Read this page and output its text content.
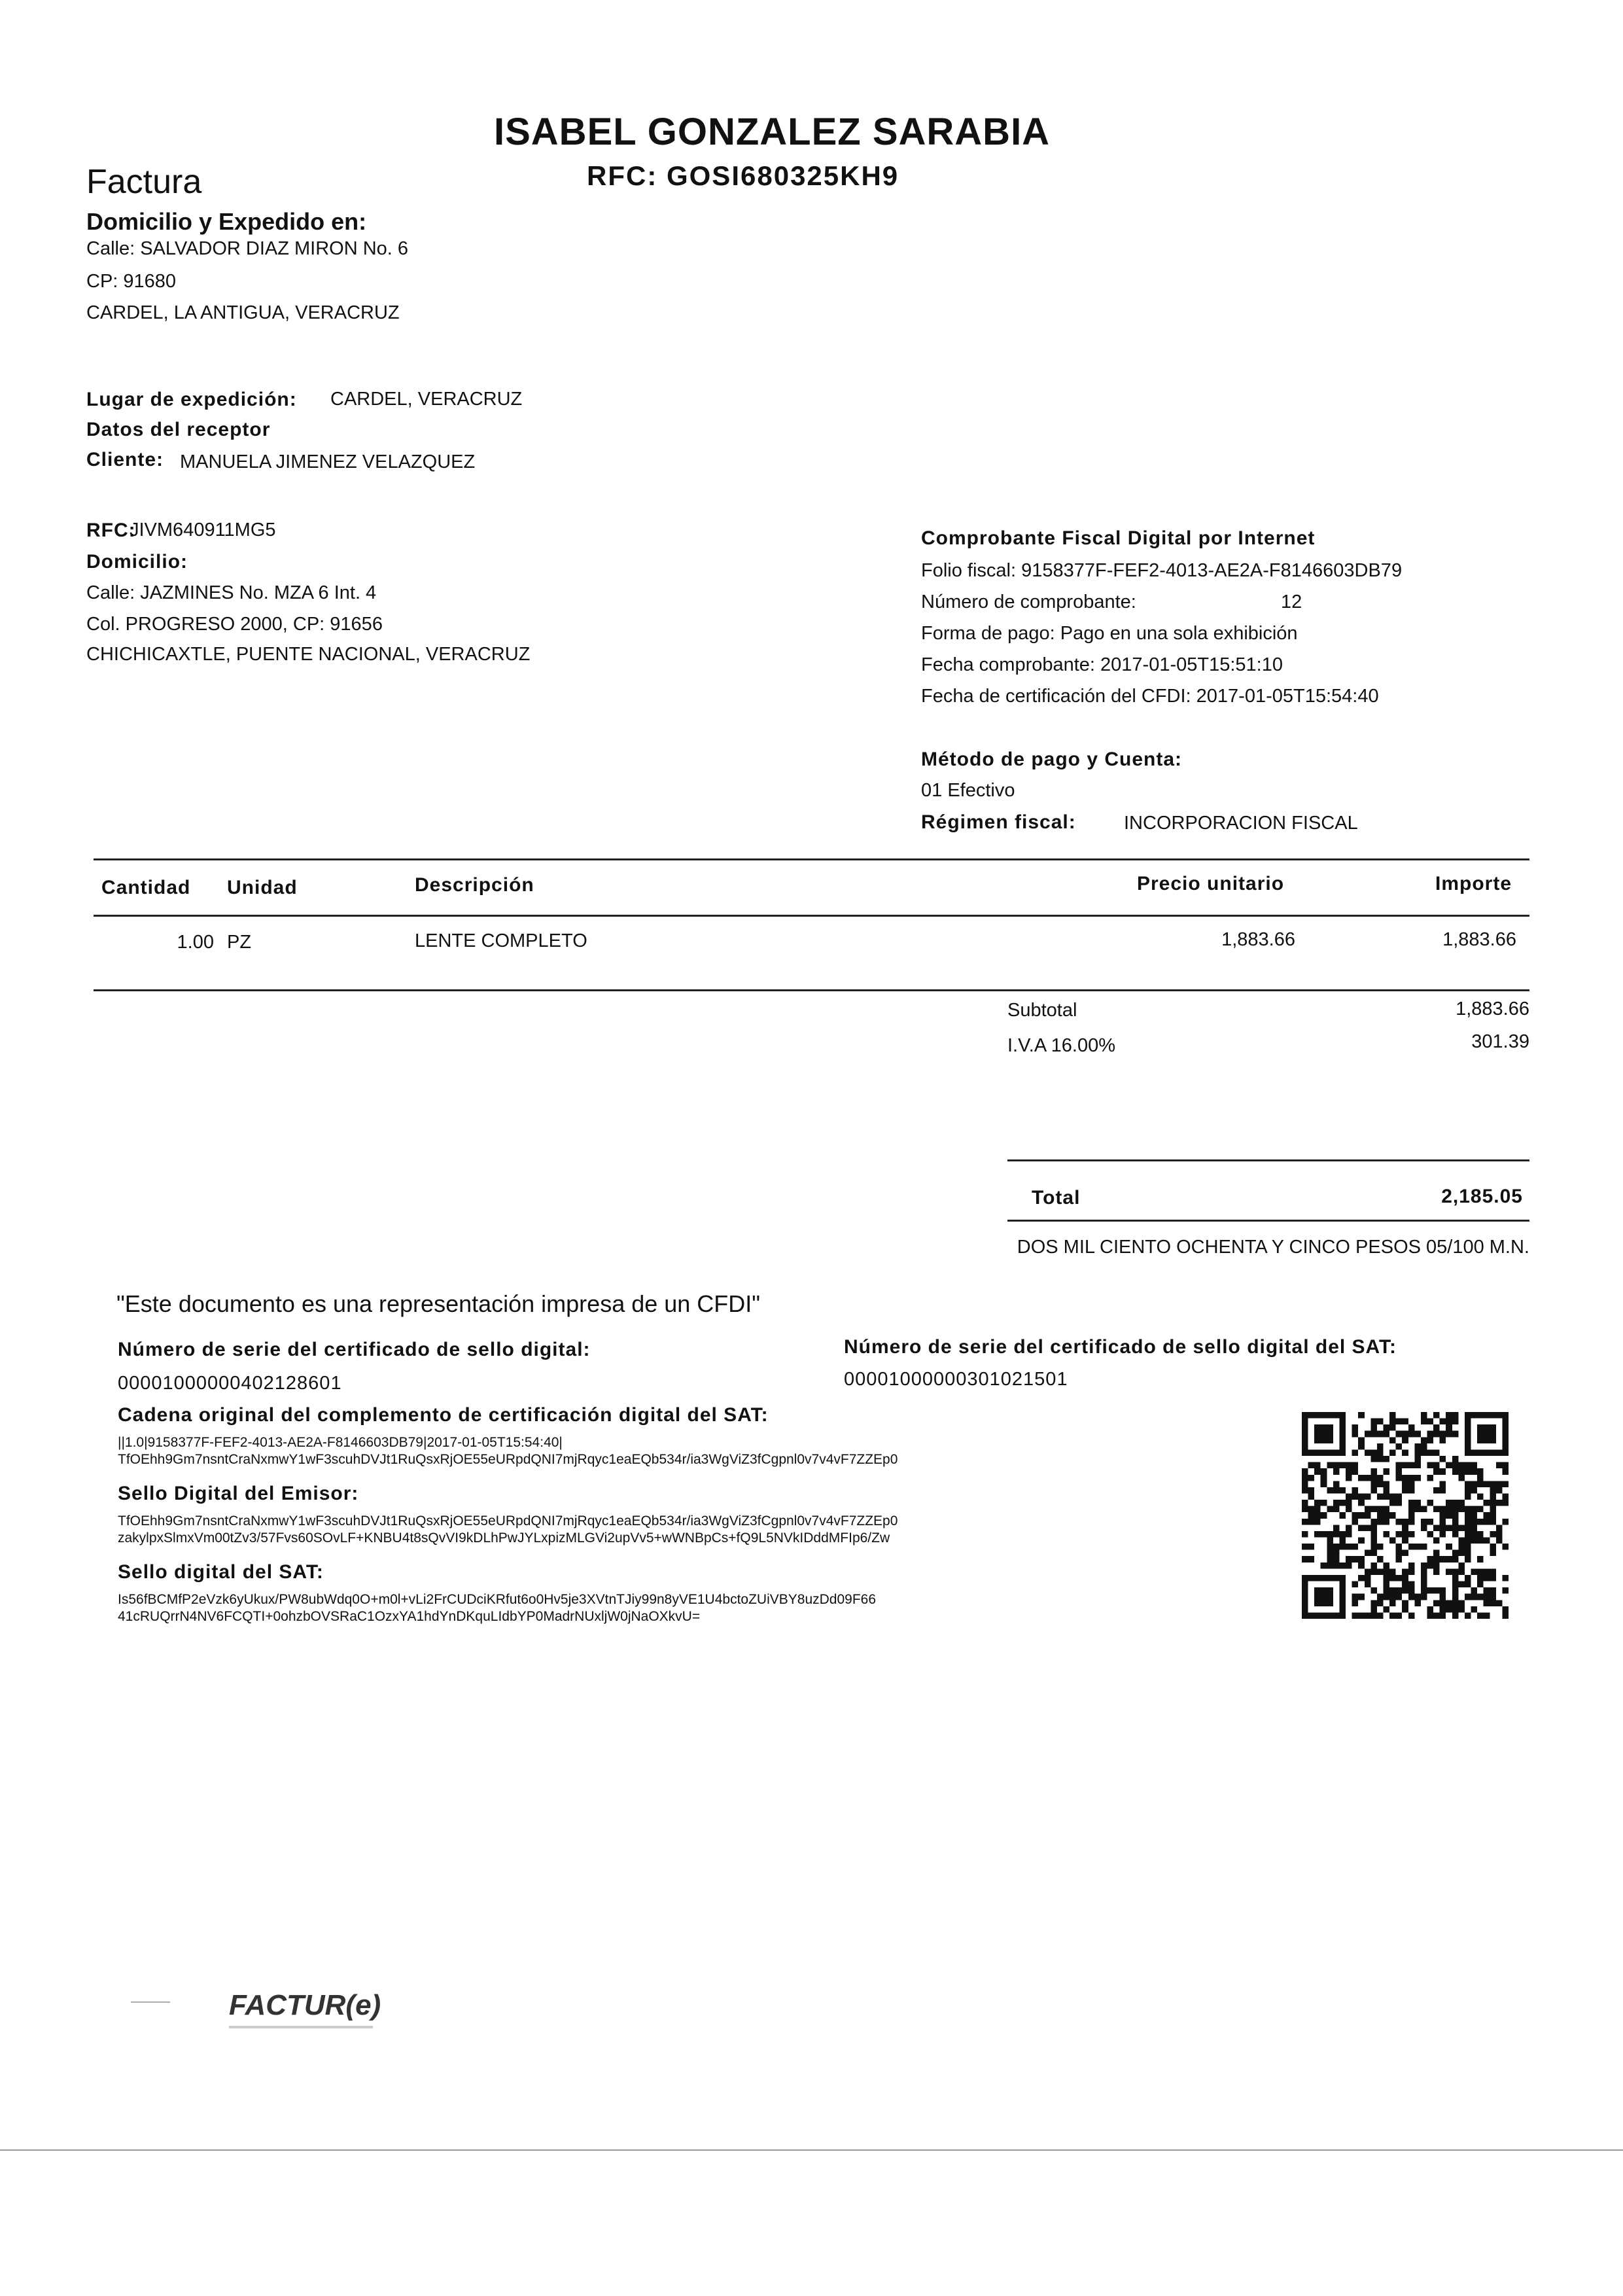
ISABEL GONZALEZ SARABIA
RFC: GOSI680325KH9
Factura
Domicilio y Expedido en:
Calle: SALVADOR DIAZ MIRON No. 6
CP: 91680
CARDEL, LA ANTIGUA, VERACRUZ
Lugar de expedición: CARDEL, VERACRUZ
Datos del receptor
Cliente: MANUELA JIMENEZ VELAZQUEZ
RFC:
JIVM640911MG5
Domicilio:
Calle: JAZMINES No. MZA 6 Int. 4
Col. PROGRESO 2000, CP: 91656
CHICHICAXTLE, PUENTE NACIONAL, VERACRUZ
Comprobante Fiscal Digital por Internet
Folio fiscal: 9158377F-FEF2-4013-AE2A-F8146603DB79
Número de comprobante:	12
Forma de pago: Pago en una sola exhibición
Fecha comprobante: 2017-01-05T15:51:10
Fecha de certificación del CFDI: 2017-01-05T15:54:40
Método de pago y Cuenta:
01 Efectivo
Régimen fiscal:	INCORPORACION FISCAL
Cantidad Unidad	Descripción	Precio unitario	Importe
1.00 PZ	LENTE COMPLETO	1,883.66	1,883.66
Subtotal	1,883.66
I.V.A 16.00%	301.39
Total	2,185.05
DOS MIL CIENTO OCHENTA Y CINCO PESOS 05/100 M.N.
"Este documento es una representación impresa de un CFDI"
Número de serie del certificado de sello digital:
00001000000402128601
Número de serie del certificado de sello digital del SAT:
00001000000301021501
Cadena original del complemento de certificación digital del SAT:
||1.0|9158377F-FEF2-4013-AE2A-F8146603DB79|2017-01-05T15:54:40|
TfOEhh9Gm7nsntCraNxmwY1wF3scuhDVJt1RuQsxRjOE55eURpdQNI7mjRqyc1eaEQb534r/ia3WgViZ3fCgpnl0v7v4vF7ZZEp0
Sello Digital del Emisor:
TfOEhh9Gm7nsntCraNxmwY1wF3scuhDVJt1RuQsxRjOE55eURpdQNI7mjRqyc1eaEQb534r/ia3WgViZ3fCgpnl0v7v4vF7ZZEp0
zakylpxSlmxVm00tZv3/57Fvs60SOvLF+KNBU4t8sQvVI9kDLhPwJYLxpizMLGVi2upVv5+wWNBpCs+fQ9L5NVkIDddMFIp6/Zw
Sello digital del SAT:
Is56fBCMfP2eVzk6yUkux/PW8ubWdq0O+m0l+vLi2FrCUDciKRfut6o0Hv5je3XVtnTJiy99n8yVE1U4bctoZUiVBY8uzDd09F66
41cRUQrrN4NV6FCQTI+0ohzbOVSRaC1OzxYA1hdYnDKquLIdbYP0MadrNUxljW0jNaOXkvU=
——— FACTUR(e)
